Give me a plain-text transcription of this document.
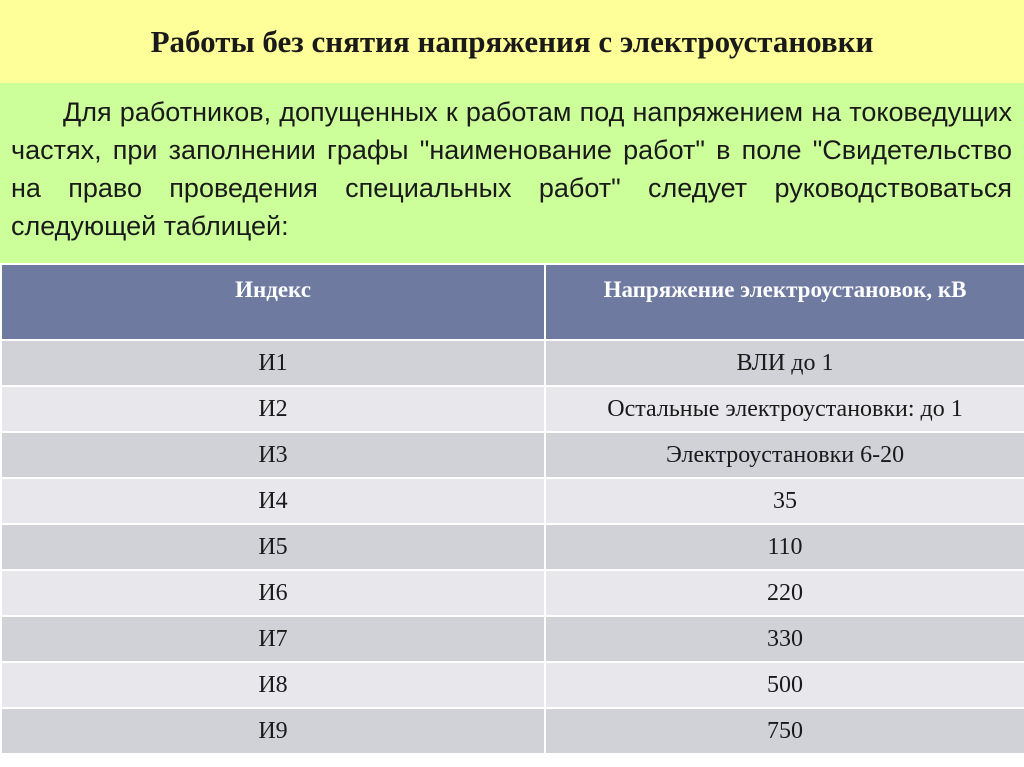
Работы без снятия напряжения с электроустановки
Для работников, допущенных к работам под напряжением на токоведущих частях, при заполнении графы "наименование работ" в поле "Свидетельство на право проведения специальных работ" следует руководствоваться следующей таблицей:
Индекс	Напряжение электроустановок, кВ
И1	ВЛИ до 1
И2	Остальные электроустановки: до 1
И3	Электроустановки 6-20
И4	35
И5	110
И6	220
И7	330
И8	500
И9	750
